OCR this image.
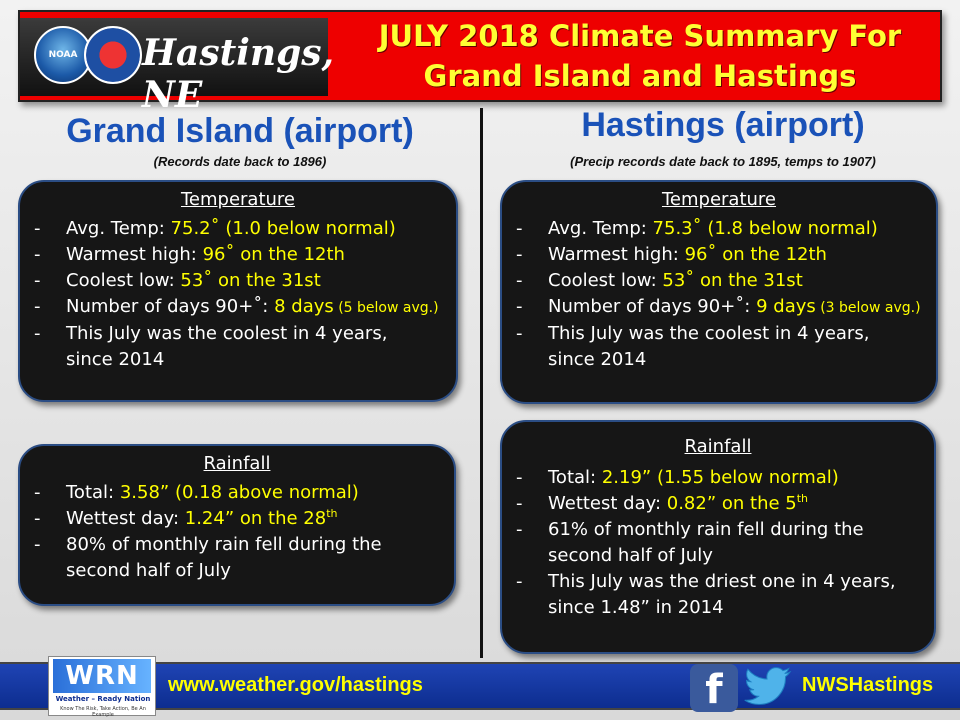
NOAA Hastings, NE
JULY 2018 Climate Summary For
Grand Island and Hastings
Grand Island (airport)
(Records date back to 1896)
Temperature
- Avg. Temp: 75.2˚ (1.0 below normal)
- Warmest high: 96˚ on the 12th
- Coolest low: 53˚ on the 31st
- Number of days 90+˚: 8 days (5 below avg.)
- This July was the coolest in 4 years,
since 2014
Rainfall
- Total: 3.58” (0.18 above normal)
- Wettest day: 1.24” on the 28th
- 80% of monthly rain fell during the
second half of July
Hastings (airport)
(Precip records date back to 1895, temps to 1907)
Temperature
- Avg. Temp: 75.3˚ (1.8 below normal)
- Warmest high: 96˚ on the 12th
- Coolest low: 53˚ on the 31st
- Number of days 90+˚: 9 days (3 below avg.)
- This July was the coolest in 4 years,
since 2014
Rainfall
- Total: 2.19” (1.55 below normal)
- Wettest day: 0.82” on the 5th
- 61% of monthly rain fell during the
second half of July
- This July was the driest one in 4 years,
since 1.48” in 2014
WRN
Weather – Ready Nation
Know The Risk, Take Action, Be An Example
www.weather.gov/hastings	f	NWSHastings
